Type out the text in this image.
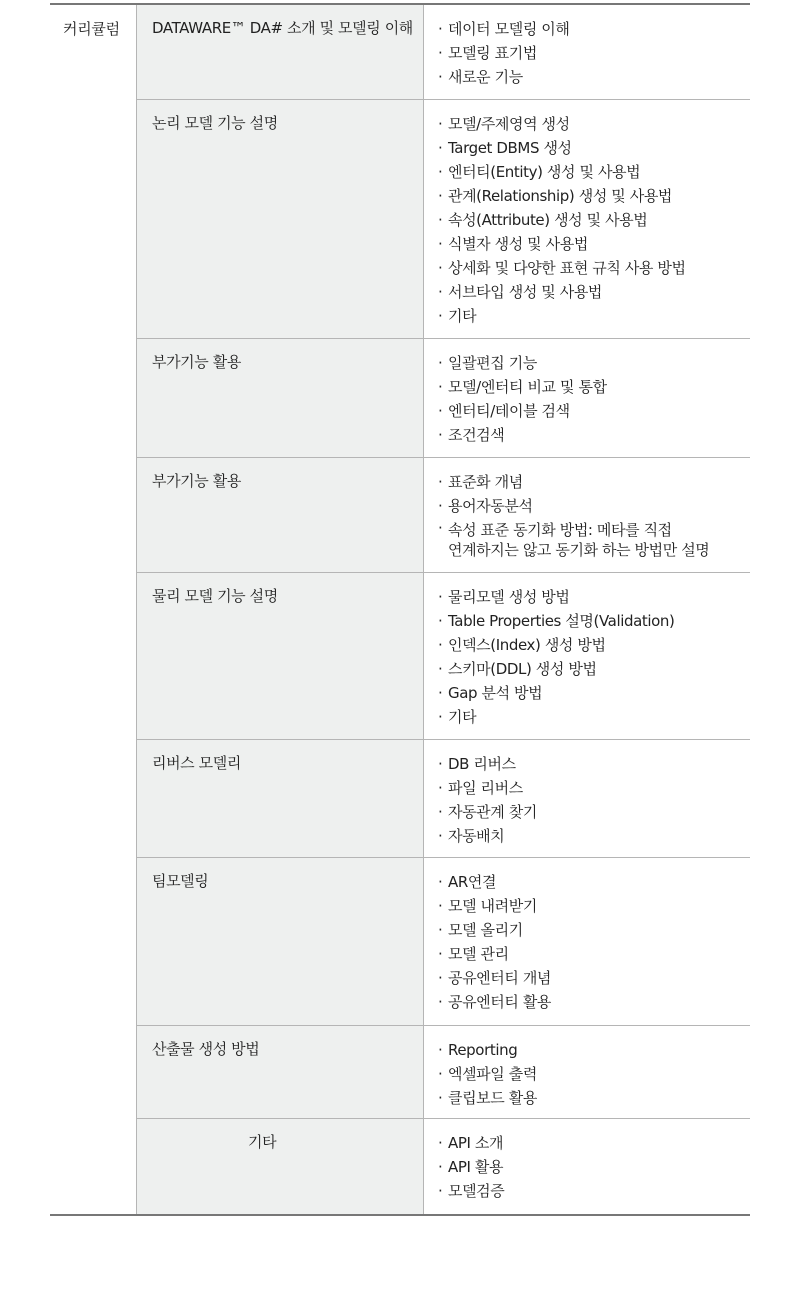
커리큘럼	DATAWARE™ DA# 소개 및 모델링 이해	· 데이터 모델링 이해
· 모델링 표기법
· 새로운 기능
논리 모델 기능 설명	· 모델/주제영역 생성
· Target DBMS 생성
· 엔터티(Entity) 생성 및 사용법
· 관계(Relationship) 생성 및 사용법
· 속성(Attribute) 생성 및 사용법
· 식별자 생성 및 사용법
· 상세화 및 다양한 표현 규칙 사용 방법
· 서브타입 생성 및 사용법
· 기타
부가기능 활용	· 일괄편집 기능
· 모델/엔터티 비교 및 통합
· 엔터티/테이블 검색
· 조건검색
부가기능 활용	· 표준화 개념
· 용어자동분석
· 속성 표준 동기화 방법: 메타를 직접
연계하지는 않고 동기화 하는 방법만 설명
물리 모델 기능 설명	· 물리모델 생성 방법
· Table Properties 설명(Validation)
· 인덱스(Index) 생성 방법
· 스키마(DDL) 생성 방법
· Gap 분석 방법
· 기타
리버스 모델리	· DB 리버스
· 파일 리버스
· 자동관계 찾기
· 자동배치
팀모델링	· AR연결
· 모델 내려받기
· 모델 올리기
· 모델 관리
· 공유엔터티 개념
· 공유엔터티 활용
산출물 생성 방법	· Reporting
· 엑셀파일 출력
· 클립보드 활용
기타	· API 소개
· API 활용
· 모델검증
